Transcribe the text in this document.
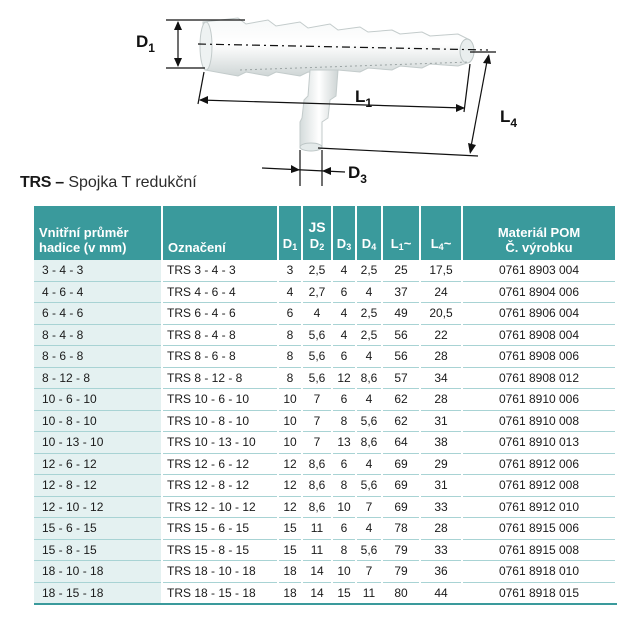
$D_1$
$L_1$
$L_4$
$D_3$
TRS – Spojka T redukční
Vnitřní průměr hadice (v mm)	Označení	$D_1$	JS
$D_2$	$D_3$	$D_4$	$L_1\sim$	$L_4\sim$	Materiál POM
Č. výrobku

3 - 4 - 3	TRS 3 - 4 - 3	3	2,5	4	2,5	25	17,5	0761 8903 004
4 - 6 - 4	TRS 4 - 6 - 4	4	2,7	6	4	37	24	0761 8904 006
6 - 4 - 6	TRS 6 - 4 - 6	6	4	4	2,5	49	20,5	0761 8906 004
8 - 4 - 8	TRS 8 - 4 - 8	8	5,6	4	2,5	56	22	0761 8908 004
8 - 6 - 8	TRS 8 - 6 - 8	8	5,6	6	4	56	28	0761 8908 006
8 - 12 - 8	TRS 8 - 12 - 8	8	5,6	12	8,6	57	34	0761 8908 012
10 - 6 - 10	TRS 10 - 6 - 10	10	7	6	4	62	28	0761 8910 006
10 - 8 - 10	TRS 10 - 8 - 10	10	7	8	5,6	62	31	0761 8910 008
10 - 13 - 10	TRS 10 - 13 - 10	10	7	13	8,6	64	38	0761 8910 013
12 - 6 - 12	TRS 12 - 6 - 12	12	8,6	6	4	69	29	0761 8912 006
12 - 8 - 12	TRS 12 - 8 - 12	12	8,6	8	5,6	69	31	0761 8912 008
12 - 10 - 12	TRS 12 - 10 - 12	12	8,6	10	7	69	33	0761 8912 010
15 - 6 - 15	TRS 15 - 6 - 15	15	11	6	4	78	28	0761 8915 006
15 - 8 - 15	TRS 15 - 8 - 15	15	11	8	5,6	79	33	0761 8915 008
18 - 10 - 18	TRS 18 - 10 - 18	18	14	10	7	79	36	0761 8918 010
18 - 15 - 18	TRS 18 - 15 - 18	18	14	15	11	80	44	0761 8918 015
